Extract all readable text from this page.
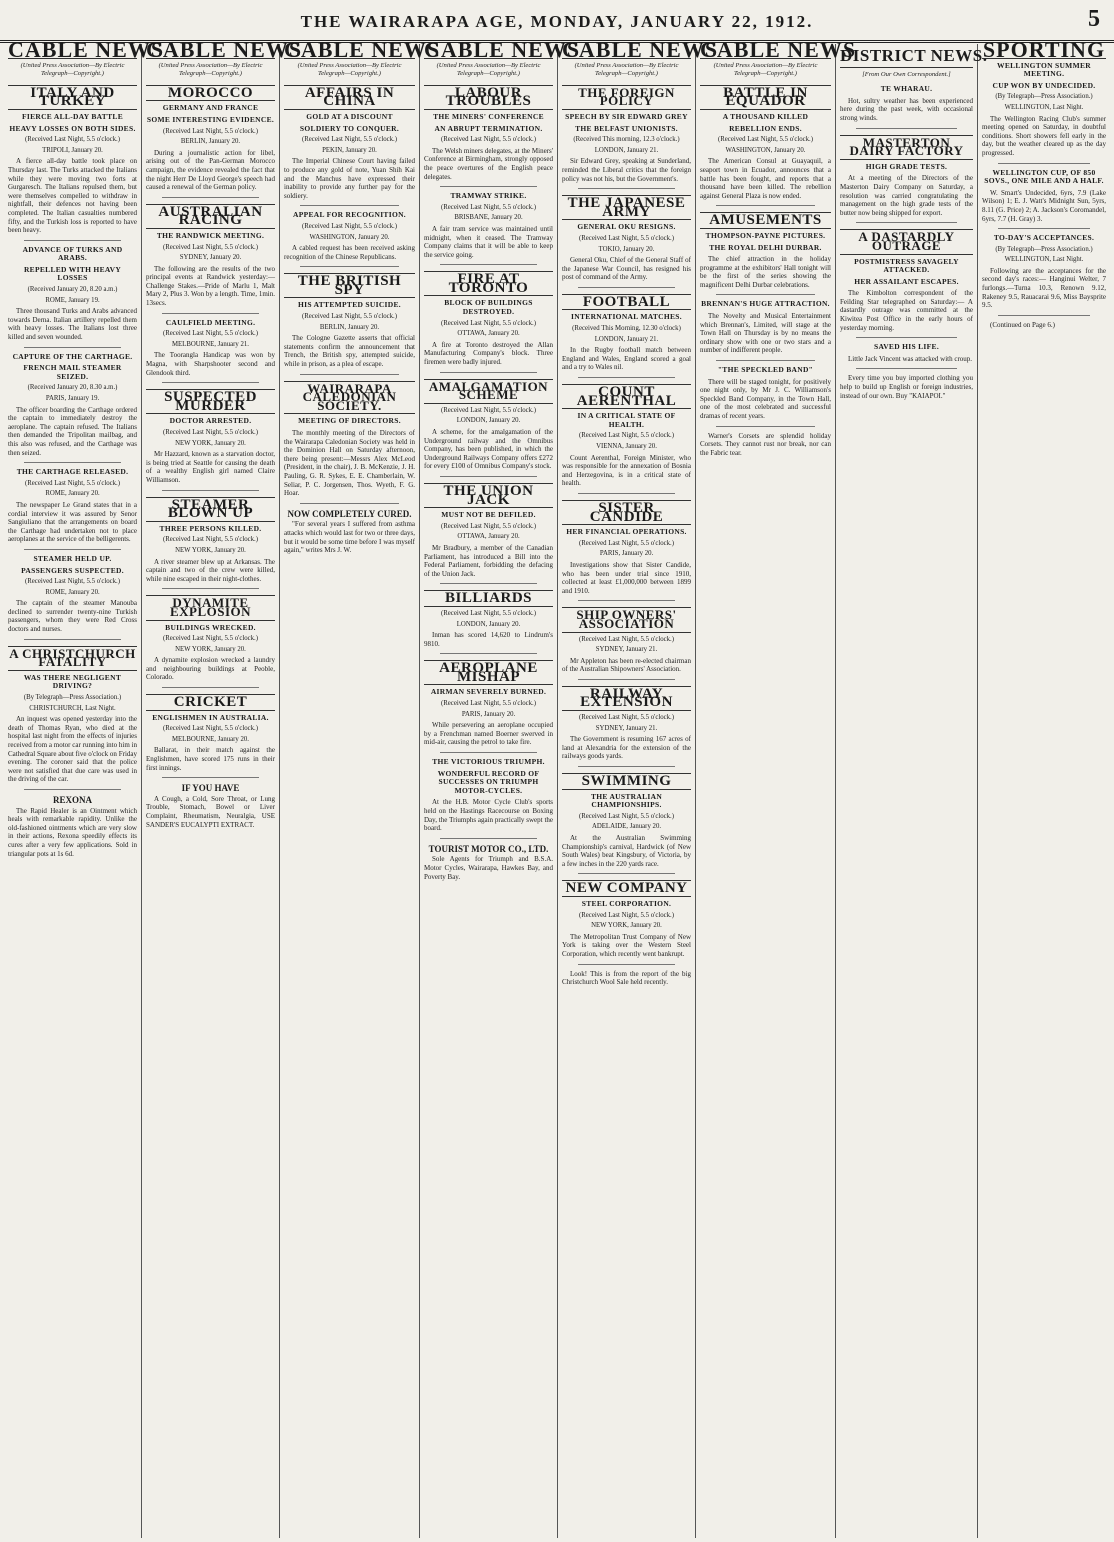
THE WAIRARAPA AGE, MONDAY, JANUARY 22, 1912.	5
CABLE NEWS
(United Press Association—By Electric Telegraph—Copyright.)
ITALY AND TURKEY
FIERCE ALL-DAY BATTLE
HEAVY LOSSES ON BOTH SIDES.
(Received Last Night, 5.5 o'clock.)
TRIPOLI, January 20.

A fierce all-day battle took place on Thursday last. The Turks attacked the Italians while they were moving two forts at Gurgaresch. The Italians repulsed them, but were themselves compelled to withdraw in nightfall, their defences not having been completed. The Italian casualties numbered fifty, and the Turkish loss is reported to have been heavy.

ADVANCE OF TURKS AND ARABS.
REPELLED WITH HEAVY LOSSES
(Received January 20, 8.20 a.m.)
ROME, January 19.

Three thousand Turks and Arabs advanced towards Derna. Italian artillery repelled them with heavy losses. The Italians lost three killed and seven wounded.

CAPTURE OF THE CARTHAGE.
FRENCH MAIL STEAMER SEIZED.
(Received January 20, 8.30 a.m.)
PARIS, January 19.

The officer boarding the Carthage ordered the captain to immediately destroy the aeroplane. The captain refused. The Italians then demanded the Tripolitan mailbag, and this also was refused, and the Carthage was then seized.

THE CARTHAGE RELEASED.
(Received Last Night, 5.5 o'clock.)
ROME, January 20.

The newspaper Le Grand states that in a cordial interview it was assured by Senor Sangiuliano that the arrangements on board the Carthage had undertaken not to place aeroplanes at the service of the belligerents.

STEAMER HELD UP.
PASSENGERS SUSPECTED.
(Received Last Night, 5.5 o'clock.)
ROME, January 20.

The captain of the steamer Manouba declined to surrender twenty-nine Turkish passengers, whom they were Red Cross doctors and nurses.

A CHRISTCHURCH FATALITY
WAS THERE NEGLIGENT DRIVING?
(By Telegraph—Press Association.)
CHRISTCHURCH, Last Night.

An inquest was opened yesterday into the death of Thomas Ryan, who died at the hospital last night from the effects of injuries received from a motor car running into him in Cathedral Square about five o'clock on Friday evening. The coroner said that the police were not satisfied that due care was used in the driving of the car.

REXONA

The Rapid Healer is an Ointment which heals with remarkable rapidity. Unlike the old-fashioned ointments which are very slow in their actions, Rexona speedily effects its cures after a very few applications. Sold in triangular pots at 1s 6d.

CABLE NEWS
(United Press Association—By Electric Telegraph—Copyright.)
MOROCCO
GERMANY AND FRANCE
SOME INTERESTING EVIDENCE.
(Received Last Night, 5.5 o'clock.)
BERLIN, January 20.

During a journalistic action for libel, arising out of the Pan-German Morocco campaign, the evidence revealed the fact that the night Herr De Lloyd George's speech had caused a renewal of the German policy.

AUSTRALIAN RACING
THE RANDWICK MEETING.
(Received Last Night, 5.5 o'clock.)
SYDNEY, January 20.

The following are the results of the two principal events at Randwick yesterday:— Challenge Stakes.—Pride of Marlu 1, Malt Mary 2, Plus 3. Won by a length. Time, 1min. 13secs.

CAULFIELD MEETING.
(Received Last Night, 5.5 o'clock.)
MELBOURNE, January 21.

The Toorangla Handicap was won by Magna, with Sharpshooter second and Glendook third.

SUSPECTED MURDER
DOCTOR ARRESTED.
(Received Last Night, 5.5 o'clock.)
NEW YORK, January 20.

Mr Hazzard, known as a starvation doctor, is being tried at Seattle for causing the death of a wealthy English girl named Claire Williamson.

STEAMER BLOWN UP
THREE PERSONS KILLED.
(Received Last Night, 5.5 o'clock.)
NEW YORK, January 20.

A river steamer blew up at Arkansas. The captain and two of the crew were killed, while nine escaped in their night-clothes.

DYNAMITE EXPLOSION
BUILDINGS WRECKED.
(Received Last Night, 5.5 o'clock.)
NEW YORK, January 20.

A dynamite explosion wrecked a laundry and neighbouring buildings at Peoble, Colorado.

CRICKET
ENGLISHMEN IN AUSTRALIA.
(Received Last Night, 5.5 o'clock.)
MELBOURNE, January 20.

Ballarat, in their match against the Englishmen, have scored 175 runs in their first innings.

IF YOU HAVE

A Cough, a Cold, Sore Throat, or Lung Trouble, Stomach, Bowel or Liver Complaint, Rheumatism, Neuralgia, USE SANDER'S EUCALYPTI EXTRACT.

CABLE NEWS
(United Press Association—By Electric Telegraph—Copyright.)
AFFAIRS IN CHINA
GOLD AT A DISCOUNT
SOLDIERY TO CONQUER.
(Received Last Night, 5.5 o'clock.)
PEKIN, January 20.

The Imperial Chinese Court having failed to produce any gold of note, Yuan Shih Kai and the Manchus have expressed their inability to provide any further pay for the soldiery.

APPEAL FOR RECOGNITION.
(Received Last Night, 5.5 o'clock.)
WASHINGTON, January 20.

A cabled request has been received asking recognition of the Chinese Republicans.

THE BRITISH SPY
HIS ATTEMPTED SUICIDE.
(Received Last Night, 5.5 o'clock.)
BERLIN, January 20.

The Cologne Gazette asserts that official statements confirm the announcement that Trench, the British spy, attempted suicide, while in prison, as a plea of escape.

WAIRARAPA CALEDONIAN SOCIETY.
MEETING OF DIRECTORS.

The monthly meeting of the Directors of the Wairarapa Caledonian Society was held in the Dominion Hall on Saturday afternoon, there being present:—Messrs Alex McLeod (President, in the chair), J. B. McKenzie, J. H. Pauling, G. R. Sykes, E. E. Chamberlain, W. Seliar, P. C. Jorgensen, Thos. Wyeth, F. G. Hoar.

NOW COMPLETELY CURED.

"For several years I suffered from asthma attacks which would last for two or three days, but it would be some time before I was myself again," writes Mrs J. W.

CABLE NEWS
(United Press Association—By Electric Telegraph—Copyright.)
LABOUR TROUBLES
THE MINERS' CONFERENCE
AN ABRUPT TERMINATION.
(Received Last Night, 5.5 o'clock.)

The Welsh miners delegates, at the Miners' Conference at Birmingham, strongly opposed the peace overtures of the English peace delegates.

TRAMWAY STRIKE.
(Received Last Night, 5.5 o'clock.)
BRISBANE, January 20.

A fair tram service was maintained until midnight, when it ceased. The Tramway Company claims that it will be able to keep the service going.

FIRE AT TORONTO
BLOCK OF BUILDINGS DESTROYED.
(Received Last Night, 5.5 o'clock.)
OTTAWA, January 20.

A fire at Toronto destroyed the Allan Manufacturing Company's block. Three firemen were badly injured.

AMALGAMATION SCHEME
(Received Last Night, 5.5 o'clock.)
LONDON, January 20.

A scheme, for the amalgamation of the Underground railway and the Omnibus Company, has been published, in which the Underground Railways Company offers £272 for every £100 of Omnibus Company's stock.

THE UNION JACK
MUST NOT BE DEFILED.
(Received Last Night, 5.5 o'clock.)
OTTAWA, January 20.

Mr Bradbury, a member of the Canadian Parliament, has introduced a Bill into the Federal Parliament, forbidding the defacing of the Union Jack.

BILLIARDS
(Received Last Night, 5.5 o'clock.)
LONDON, January 20.

Inman has scored 14,620 to Lindrum's 9810.

AEROPLANE MISHAP
AIRMAN SEVERELY BURNED.
(Received Last Night, 5.5 o'clock.)
PARIS, January 20.

While persevering an aeroplane occupied by a Frenchman named Boerner swerved in mid-air, causing the petrol to take fire.

THE VICTORIOUS TRIUMPH.
WONDERFUL RECORD OF SUCCESSES ON TRIUMPH MOTOR-CYCLES.

At the H.B. Motor Cycle Club's sports held on the Hastings Racecourse on Boxing Day, the Triumphs again practically swept the board.

TOURIST MOTOR CO., LTD.

Sole Agents for Triumph and B.S.A. Motor Cycles, Wairarapa, Hawkes Bay, and Poverty Bay.

CABLE NEWS
(United Press Association—By Electric Telegraph—Copyright.)
THE FOREIGN POLICY
SPEECH BY SIR EDWARD GREY
THE BELFAST UNIONISTS.
(Received This morning, 12.3 o'clock.)
LONDON, January 21.

Sir Edward Grey, speaking at Sunderland, reminded the Liberal critics that the foreign policy was not his, but the Government's.

THE JAPANESE ARMY
GENERAL OKU RESIGNS.
(Received Last Night, 5.5 o'clock.)
TOKIO, January 20.

General Oku, Chief of the General Staff of the Japanese War Council, has resigned his post of command of the Army.

FOOTBALL
INTERNATIONAL MATCHES.
(Received This Morning, 12.30 o'clock)
LONDON, January 21.

In the Rugby football match between England and Wales, England scored a goal and a try to Wales nil.

COUNT AERENTHAL
IN A CRITICAL STATE OF HEALTH.
(Received Last Night, 5.5 o'clock.)
VIENNA, January 20.

Count Aerenthal, Foreign Minister, who was responsible for the annexation of Bosnia and Herzegovina, is in a critical state of health.

SISTER CANDIDE
HER FINANCIAL OPERATIONS.
(Received Last Night, 5.5 o'clock.)
PARIS, January 20.

Investigations show that Sister Candide, who has been under trial since 1910, collected at least £1,000,000 between 1899 and 1910.

SHIP OWNERS' ASSOCIATION
(Received Last Night, 5.5 o'clock.)
SYDNEY, January 21.

Mr Appleton has been re-elected chairman of the Australian Shipowners' Association.

RAILWAY EXTENSION
(Received Last Night, 5.5 o'clock.)
SYDNEY, January 21.

The Government is resuming 167 acres of land at Alexandria for the extension of the railways goods yards.

SWIMMING
THE AUSTRALIAN CHAMPIONSHIPS.
(Received Last Night, 5.5 o'clock.)
ADELAIDE, January 20.

At the Australian Swimming Championship's carnival, Hardwick (of New South Wales) beat Kingsbury, of Victoria, by a few inches in the 220 yards race.

NEW COMPANY
STEEL CORPORATION.
(Received Last Night, 5.5 o'clock.)
NEW YORK, January 20.

The Metropolitan Trust Company of New York is taking over the Western Steel Corporation, which recently went bankrupt.

Look! This is from the report of the big Christchurch Wool Sale held recently.

CABLE NEWS
(United Press Association—By Electric Telegraph—Copyright.)
BATTLE IN EQUADOR
A THOUSAND KILLED
REBELLION ENDS.
(Received Last Night, 5.5 o'clock.)
WASHINGTON, January 20.

The American Consul at Guayaquil, a seaport town in Ecuador, announces that a battle has been fought, and reports that a thousand have been killed. The rebellion against General Plaza is now ended.

AMUSEMENTS
THOMPSON-PAYNE PICTURES.
THE ROYAL DELHI DURBAR.

The chief attraction in the holiday programme at the exhibitors' Hall tonight will be the first of the series showing the magnificent Delhi Durbar celebrations.

BRENNAN'S HUGE ATTRACTION.

The Novelty and Musical Entertainment which Brennan's, Limited, will stage at the Town Hall on Thursday is by no means the ordinary show with one or two stars and a number of indifferent people.

"THE SPECKLED BAND"

There will be staged tonight, for positively one night only, by Mr J. C. Williamson's Speckled Band Company, in the Town Hall, one of the most celebrated and successful dramas of recent years.

Warner's Corsets are splendid holiday Corsets. They cannot rust nor break, nor can the Fabric tear.

DISTRICT NEWS.
[From Our Own Correspondent.]
TE WHARAU.

Hot, sultry weather has been experienced here during the past week, with occasional strong winds.

MASTERTON DAIRY FACTORY
HIGH GRADE TESTS.

At a meeting of the Directors of the Masterton Dairy Company on Saturday, a resolution was carried congratulating the management on the high grade tests of the butter now being shipped for export.

A DASTARDLY OUTRAGE
POSTMISTRESS SAVAGELY ATTACKED.
HER ASSAILANT ESCAPES.

The Kimbolton correspondent of the Feilding Star telegraphed on Saturday:— A dastardly outrage was committed at the Kiwitea Post Office in the early hours of yesterday morning.

SAVED HIS LIFE.

Little Jack Vincent was attacked with croup.

Every time you buy imported clothing you help to build up English or foreign industries, instead of our own. Buy "KAIAPOI."

SPORTING
WELLINGTON SUMMER MEETING.
CUP WON BY UNDECIDED.
(By Telegraph—Press Association.)
WELLINGTON, Last Night.

The Wellington Racing Club's summer meeting opened on Saturday, in doubtful conditions. Short showers fell early in the day, but the weather cleared up as the day progressed.

WELLINGTON CUP, OF 850 SOVS., ONE MILE AND A HALF.

W. Smart's Undecided, 6yrs, 7.9 (Lake Wilson) 1; E. J. Watt's Midnight Sun, 5yrs, 8.11 (G. Price) 2; A. Jackson's Coromandel, 6yrs, 7.7 (H. Gray) 3.

TO-DAY'S ACCEPTANCES.
(By Telegraph—Press Association.)
WELLINGTON, Last Night.

Following are the acceptances for the second day's races:— Hanginui Welter, 7 furlongs.—Turna 10.3, Renown 9.12, Rakeney 9.5, Rauacarai 9.6, Miss Baysprite 9.5.

(Continued on Page 6.)
